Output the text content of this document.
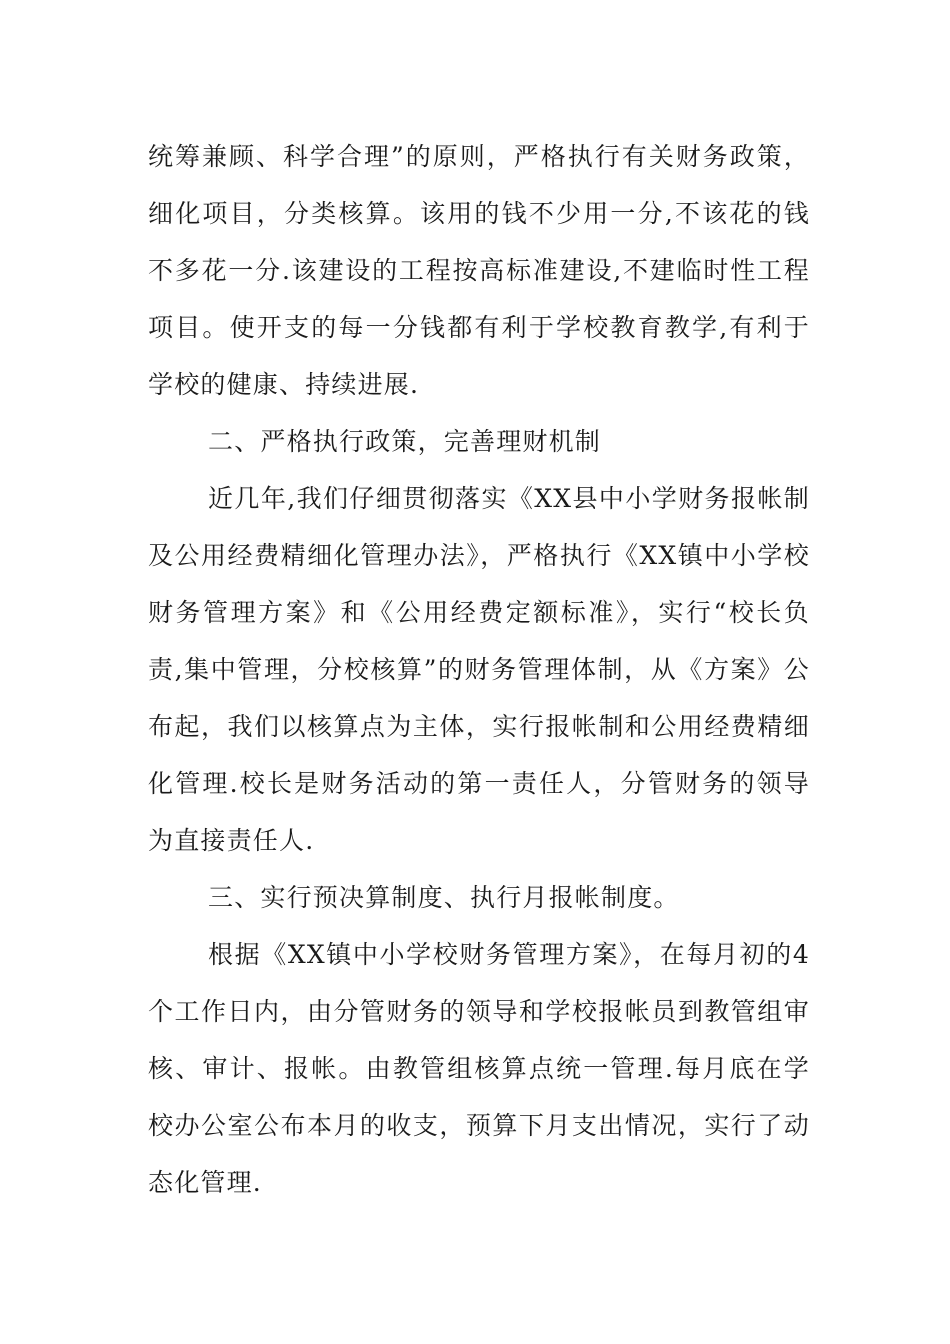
统筹兼顾、科学合理”的原则，严格执行有关财务政策，细化项目，分类核算。该用的钱不少用一分,不该花的钱不多花一分.该建设的工程按高标准建设,不建临时性工程项目。使开支的每一分钱都有利于学校教育教学,有利于学校的健康、持续进展.

二、严格执行政策，完善理财机制

近几年,我们仔细贯彻落实《XX县中小学财务报帐制及公用经费精细化管理办法》，严格执行《XX镇中小学校财务管理方案》和《公用经费定额标准》，实行“校长负责,集中管理，分校核算”的财务管理体制，从《方案》公布起，我们以核算点为主体，实行报帐制和公用经费精细化管理.校长是财务活动的第一责任人，分管财务的领导为直接责任人.

三、实行预决算制度、执行月报帐制度。

根据《XX镇中小学校财务管理方案》，在每月初的4个工作日内，由分管财务的领导和学校报帐员到教管组审核、审计、报帐。由教管组核算点统一管理.每月底在学校办公室公布本月的收支，预算下月支出情况，实行了动态化管理.
